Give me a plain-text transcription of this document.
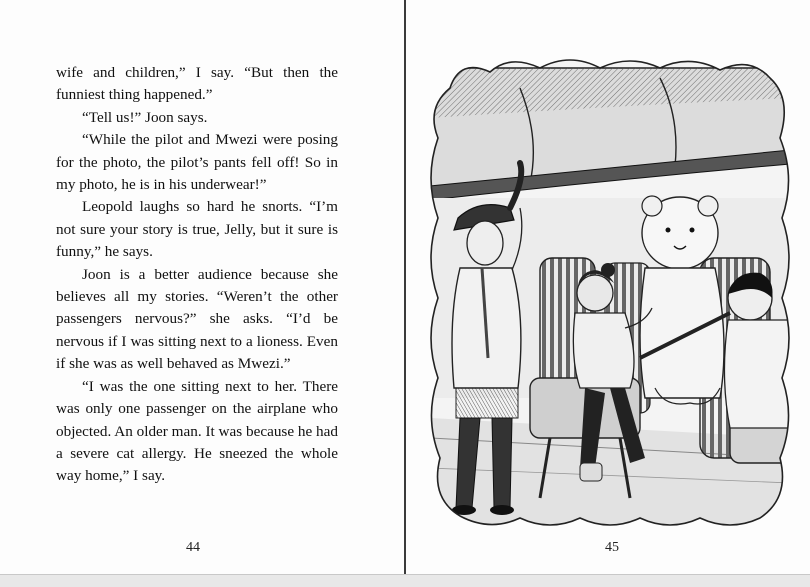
wife and children,” I say. “But then the funniest thing happened.”

“Tell us!” Joon says.

“While the pilot and Mwezi were posing for the photo, the pilot’s pants fell off! So in my photo, he is in his underwear!”

Leopold laughs so hard he snorts. “I’m not sure your story is true, Jelly, but it sure is funny,” he says.

Joon is a better audience because she believes all my stories. “Weren’t the other passengers nervous?” she asks. “I’d be nervous if I was sitting next to a lioness. Even if she was as well behaved as Mwezi.”

“I was the one sitting next to her. There was only one passenger on the airplane who objected. An older man. It was because he had a severe cat allergy. He sneezed the whole way home,” I say.

44	45
